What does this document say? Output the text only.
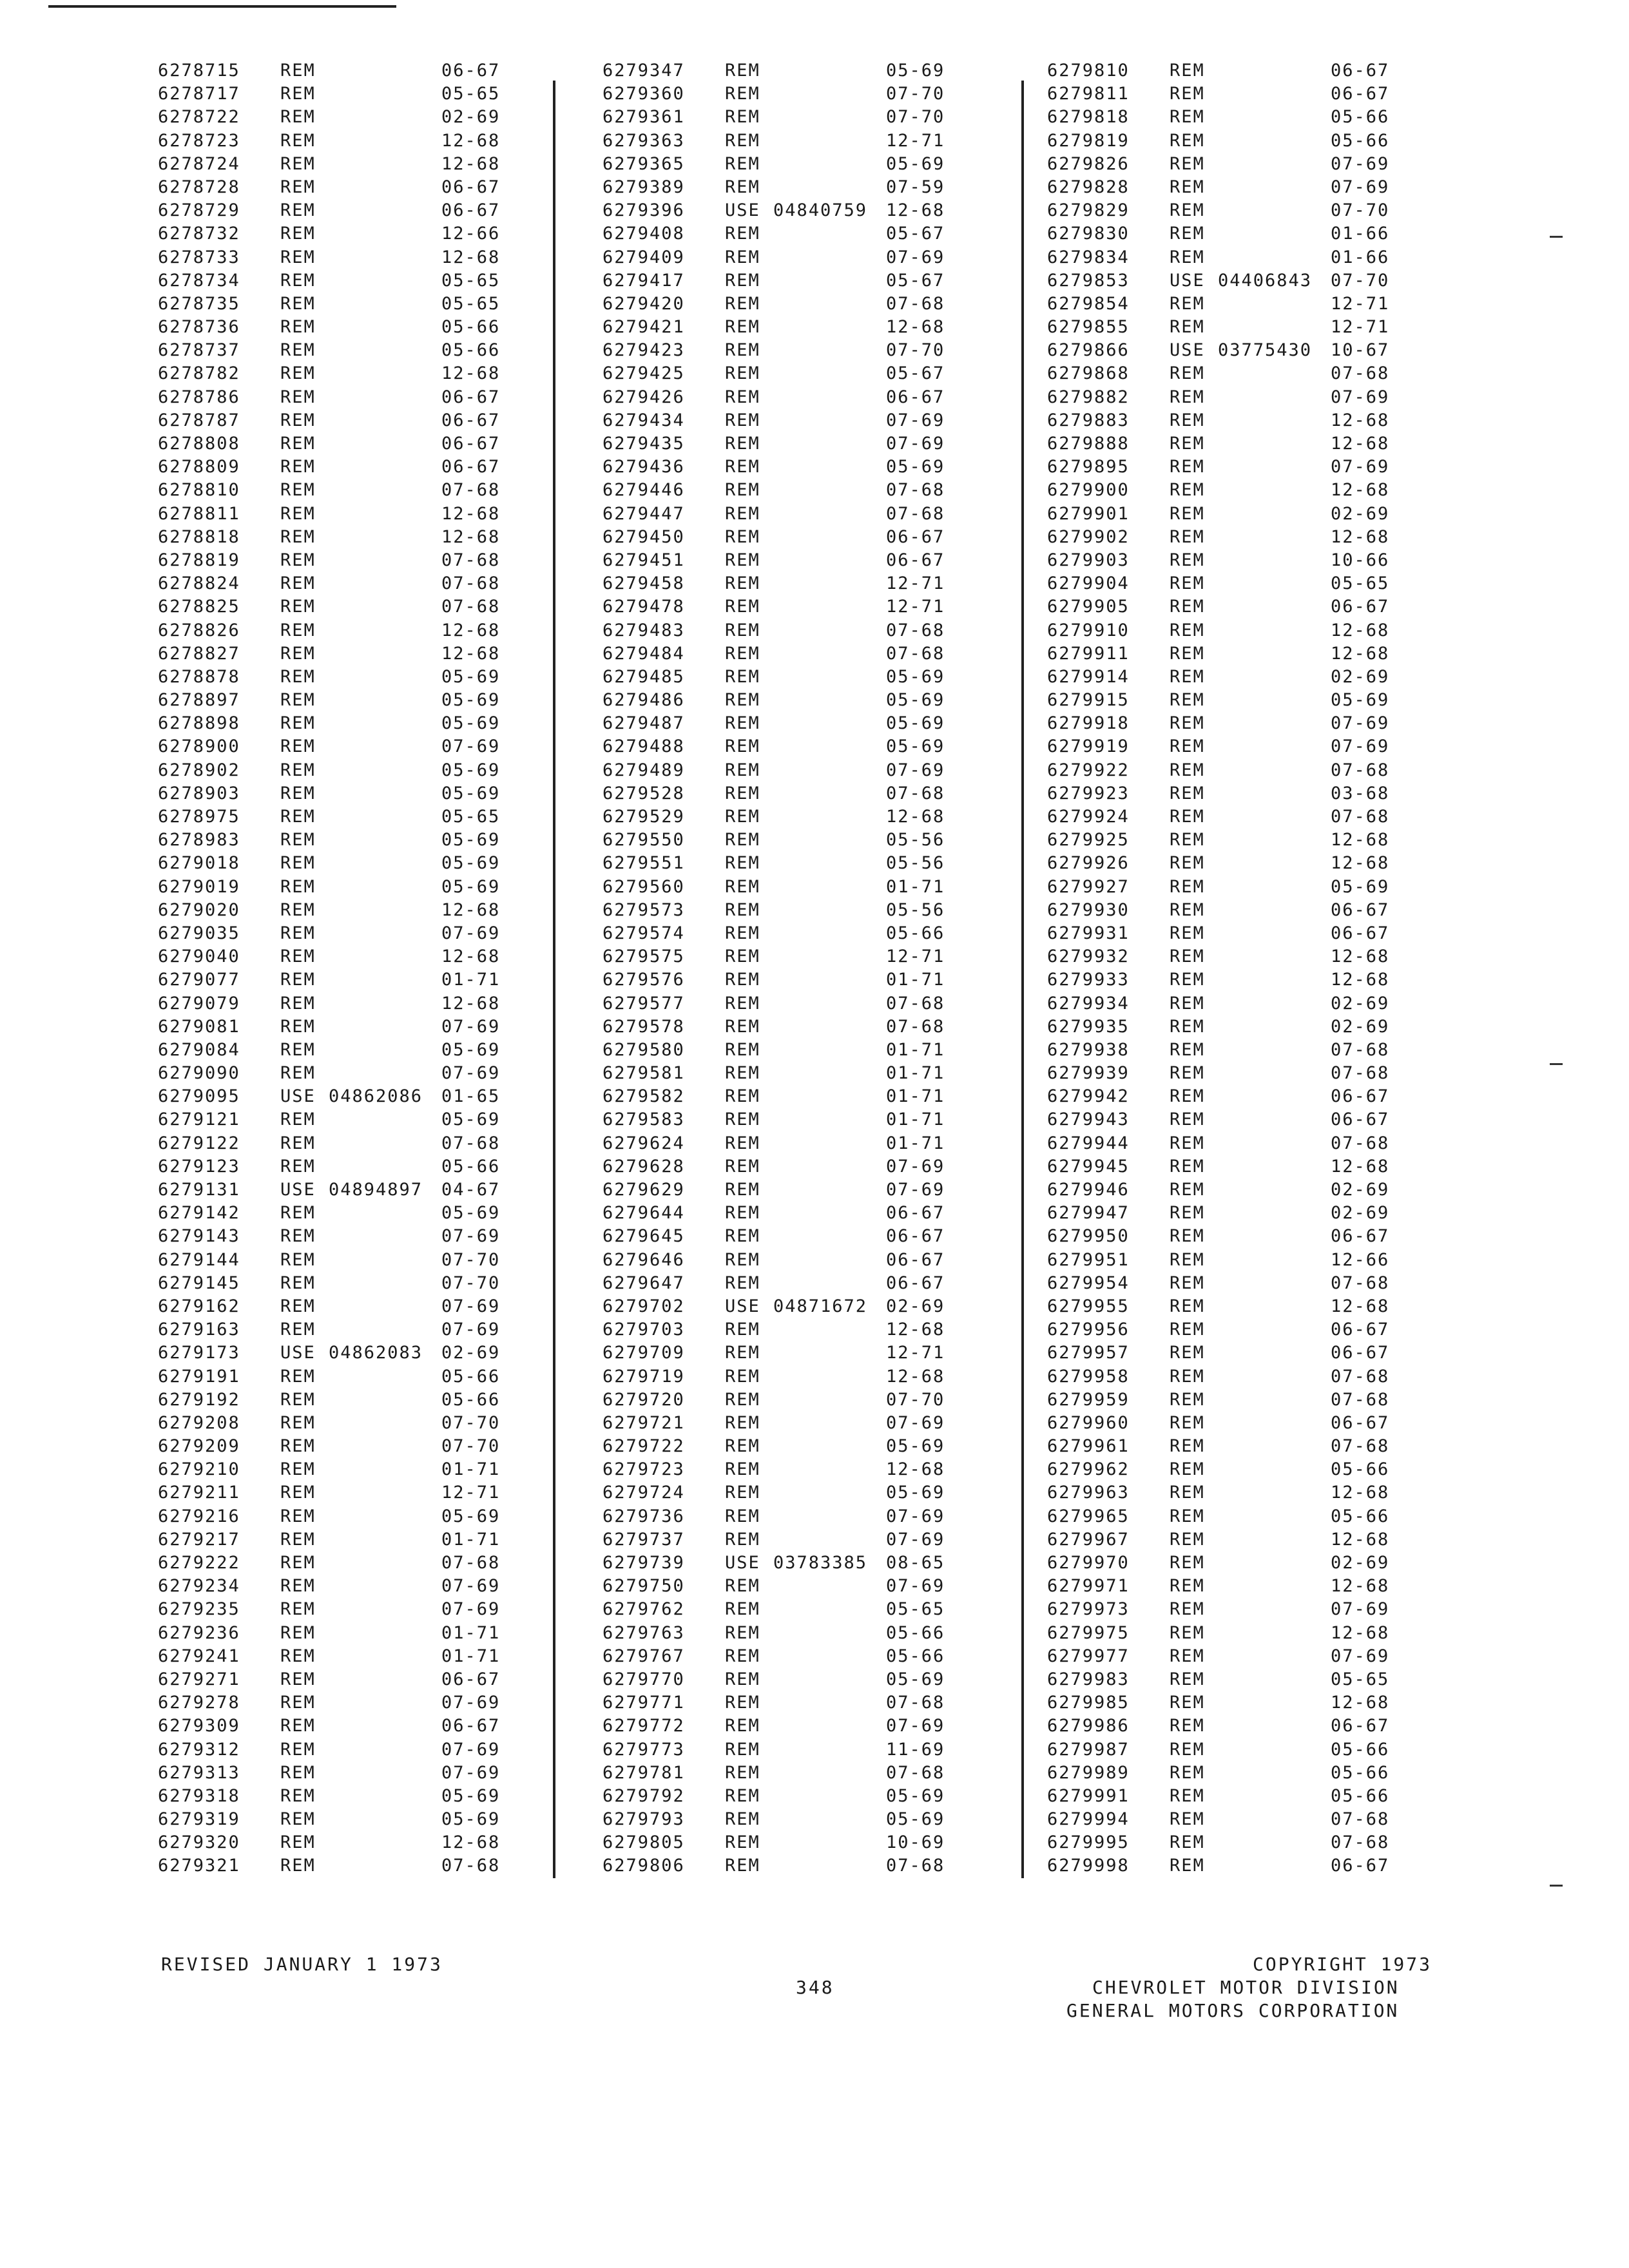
6278715 REM	06-67
6278717 REM	05-65
6278722 REM	02-69
6278723 REM	12-68
6278724 REM	12-68
6278728 REM	06-67
6278729 REM	06-67
6278732 REM	12-66
6278733 REM	12-68
6278734 REM	05-65
6278735 REM	05-65
6278736 REM	05-66
6278737 REM	05-66
6278782 REM	12-68
6278786 REM	06-67
6278787 REM	06-67
6278808 REM	06-67
6278809 REM	06-67
6278810 REM	07-68
6278811 REM	12-68
6278818 REM	12-68
6278819 REM	07-68
6278824 REM	07-68
6278825 REM	07-68
6278826 REM	12-68
6278827 REM	12-68
6278878 REM	05-69
6278897 REM	05-69
6278898 REM	05-69
6278900 REM	07-69
6278902 REM	05-69
6278903 REM	05-69
6278975 REM	05-65
6278983 REM	05-69
6279018 REM	05-69
6279019 REM	05-69
6279020 REM	12-68
6279035 REM	07-69
6279040 REM	12-68
6279077 REM	01-71
6279079 REM	12-68
6279081 REM	07-69
6279084 REM	05-69
6279090 REM	07-69
6279095 USE 04862086 01-65
6279121 REM	05-69
6279122 REM	07-68
6279123 REM	05-66
6279131 USE 04894897 04-67
6279142 REM	05-69
6279143 REM	07-69
6279144 REM	07-70
6279145 REM	07-70
6279162 REM	07-69
6279163 REM	07-69
6279173 USE 04862083 02-69
6279191 REM	05-66
6279192 REM	05-66
6279208 REM	07-70
6279209 REM	07-70
6279210 REM	01-71
6279211 REM	12-71
6279216 REM	05-69
6279217 REM	01-71
6279222 REM	07-68
6279234 REM	07-69
6279235 REM	07-69
6279236 REM	01-71
6279241 REM	01-71
6279271 REM	06-67
6279278 REM	07-69
6279309 REM	06-67
6279312 REM	07-69
6279313 REM	07-69
6279318 REM	05-69
6279319 REM	05-69
6279320 REM	12-68
6279321 REM	07-68
6279347 REM	05-69
6279360 REM	07-70
6279361 REM	07-70
6279363 REM	12-71
6279365 REM	05-69
6279389 REM	07-59
6279396 USE 04840759 12-68
6279408 REM	05-67
6279409 REM	07-69
6279417 REM	05-67
6279420 REM	07-68
6279421 REM	12-68
6279423 REM	07-70
6279425 REM	05-67
6279426 REM	06-67
6279434 REM	07-69
6279435 REM	07-69
6279436 REM	05-69
6279446 REM	07-68
6279447 REM	07-68
6279450 REM	06-67
6279451 REM	06-67
6279458 REM	12-71
6279478 REM	12-71
6279483 REM	07-68
6279484 REM	07-68
6279485 REM	05-69
6279486 REM	05-69
6279487 REM	05-69
6279488 REM	05-69
6279489 REM	07-69
6279528 REM	07-68
6279529 REM	12-68
6279550 REM	05-56
6279551 REM	05-56
6279560 REM	01-71
6279573 REM	05-56
6279574 REM	05-66
6279575 REM	12-71
6279576 REM	01-71
6279577 REM	07-68
6279578 REM	07-68
6279580 REM	01-71
6279581 REM	01-71
6279582 REM	01-71
6279583 REM	01-71
6279624 REM	01-71
6279628 REM	07-69
6279629 REM	07-69
6279644 REM	06-67
6279645 REM	06-67
6279646 REM	06-67
6279647 REM	06-67
6279702 USE 04871672 02-69
6279703 REM	12-68
6279709 REM	12-71
6279719 REM	12-68
6279720 REM	07-70
6279721 REM	07-69
6279722 REM	05-69
6279723 REM	12-68
6279724 REM	05-69
6279736 REM	07-69
6279737 REM	07-69
6279739 USE 03783385 08-65
6279750 REM	07-69
6279762 REM	05-65
6279763 REM	05-66
6279767 REM	05-66
6279770 REM	05-69
6279771 REM	07-68
6279772 REM	07-69
6279773 REM	11-69
6279781 REM	07-68
6279792 REM	05-69
6279793 REM	05-69
6279805 REM	10-69
6279806 REM	07-68
6279810 REM	06-67
6279811 REM	06-67
6279818 REM	05-66
6279819 REM	05-66
6279826 REM	07-69
6279828 REM	07-69
6279829 REM	07-70
6279830 REM	01-66
6279834 REM	01-66
6279853 USE 04406843 07-70
6279854 REM	12-71
6279855 REM	12-71
6279866 USE 03775430 10-67
6279868 REM	07-68
6279882 REM	07-69
6279883 REM	12-68
6279888 REM	12-68
6279895 REM	07-69
6279900 REM	12-68
6279901 REM	02-69
6279902 REM	12-68
6279903 REM	10-66
6279904 REM	05-65
6279905 REM	06-67
6279910 REM	12-68
6279911 REM	12-68
6279914 REM	02-69
6279915 REM	05-69
6279918 REM	07-69
6279919 REM	07-69
6279922 REM	07-68
6279923 REM	03-68
6279924 REM	07-68
6279925 REM	12-68
6279926 REM	12-68
6279927 REM	05-69
6279930 REM	06-67
6279931 REM	06-67
6279932 REM	12-68
6279933 REM	12-68
6279934 REM	02-69
6279935 REM	02-69
6279938 REM	07-68
6279939 REM	07-68
6279942 REM	06-67
6279943 REM	06-67
6279944 REM	07-68
6279945 REM	12-68
6279946 REM	02-69
6279947 REM	02-69
6279950 REM	06-67
6279951 REM	12-66
6279954 REM	07-68
6279955 REM	12-68
6279956 REM	06-67
6279957 REM	06-67
6279958 REM	07-68
6279959 REM	07-68
6279960 REM	06-67
6279961 REM	07-68
6279962 REM	05-66
6279963 REM	12-68
6279965 REM	05-66
6279967 REM	12-68
6279970 REM	02-69
6279971 REM	12-68
6279973 REM	07-69
6279975 REM	12-68
6279977 REM	07-69
6279983 REM	05-65
6279985 REM	12-68
6279986 REM	06-67
6279987 REM	05-66
6279989 REM	05-66
6279991 REM	05-66
6279994 REM	07-68
6279995 REM	07-68
6279998 REM	06-67
REVISED JANUARY 1 1973
348
COPYRIGHT 1973
CHEVROLET MOTOR DIVISION
GENERAL MOTORS CORPORATION
